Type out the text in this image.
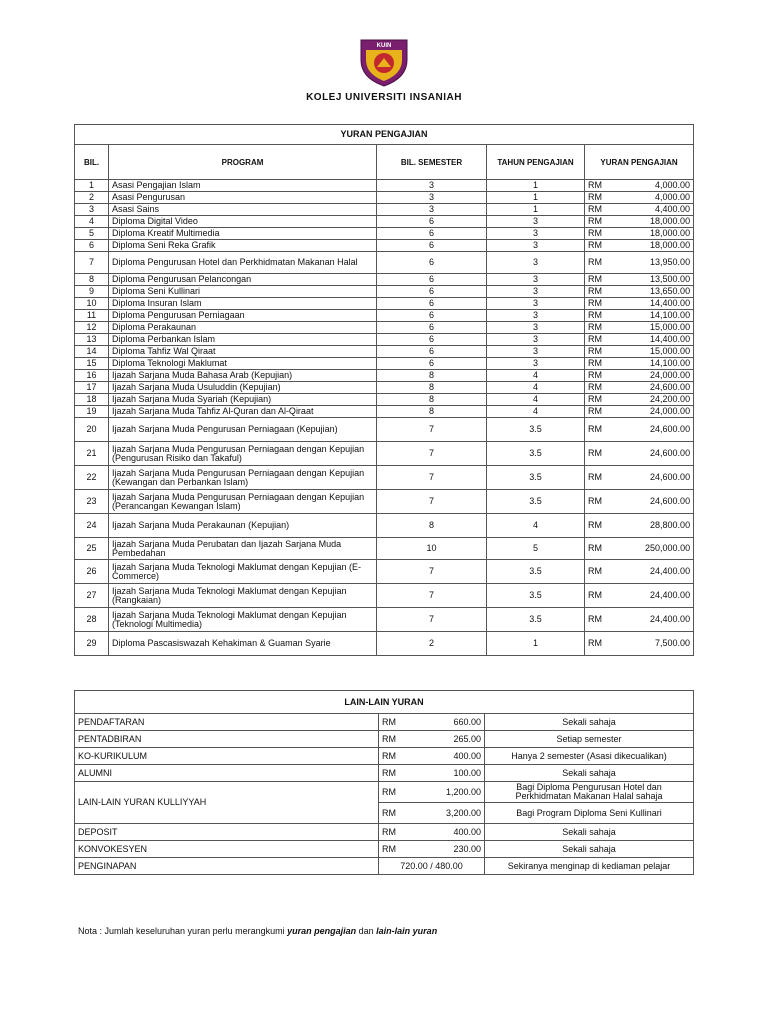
KUIN
KOLEJ UNIVERSITI INSANIAH
YURAN PENGAJIAN					
BIL.	PROGRAM	BIL. SEMESTER	TAHUN PENGAJIAN	YURAN PENGAJIAN	
1	Asasi Pengajian Islam	3	1	RM	4,000.00
2	Asasi Pengurusan	3	1	RM	4,000.00
3	Asasi Sains	3	1	RM	4,400.00
4	Diploma Digital Video	6	3	RM	18,000.00
5	Diploma Kreatif Multimedia	6	3	RM	18,000.00
6	Diploma Seni Reka Grafik	6	3	RM	18,000.00
7	Diploma Pengurusan Hotel dan Perkhidmatan Makanan Halal	6	3	RM	13,950.00
8	Diploma Pengurusan Pelancongan	6	3	RM	13,500.00
9	Diploma Seni Kullinari	6	3	RM	13,650.00
10	Diploma Insuran Islam	6	3	RM	14,400.00
11	Diploma Pengurusan Perniagaan	6	3	RM	14,100.00
12	Diploma Perakaunan	6	3	RM	15,000.00
13	Diploma Perbankan Islam	6	3	RM	14,400.00
14	Diploma Tahfiz Wal Qiraat	6	3	RM	15,000.00
15	Diploma Teknologi Maklumat	6	3	RM	14,100.00
16	Ijazah Sarjana Muda Bahasa Arab (Kepujian)	8	4	RM	24,000.00
17	Ijazah Sarjana Muda Usuluddin (Kepujian)	8	4	RM	24,600.00
18	Ijazah Sarjana Muda Syariah (Kepujian)	8	4	RM	24,200.00
19	Ijazah Sarjana Muda Tahfiz Al-Quran dan Al-Qiraat	8	4	RM	24,000.00
20	Ijazah Sarjana Muda Pengurusan Perniagaan (Kepujian)	7	3.5	RM	24,600.00
21	Ijazah Sarjana Muda Pengurusan Perniagaan dengan Kepujian (Pengurusan Risiko dan Takaful)	7	3.5	RM	24,600.00
22	Ijazah Sarjana Muda Pengurusan Perniagaan dengan Kepujian (Kewangan dan Perbankan Islam)	7	3.5	RM	24,600.00
23	Ijazah Sarjana Muda Pengurusan Perniagaan dengan Kepujian (Perancangan Kewangan Islam)	7	3.5	RM	24,600.00
24	Ijazah Sarjana Muda Perakaunan (Kepujian)	8	4	RM	28,800.00
25	Ijazah Sarjana Muda Perubatan dan Ijazah Sarjana Muda Pembedahan	10	5	RM	250,000.00
26	Ijazah Sarjana Muda Teknologi Maklumat dengan Kepujian (E-Commerce)	7	3.5	RM	24,400.00
27	Ijazah Sarjana Muda Teknologi Maklumat dengan Kepujian (Rangkaian)	7	3.5	RM	24,400.00
28	Ijazah Sarjana Muda Teknologi Maklumat dengan Kepujian (Teknologi Multimedia)	7	3.5	RM	24,400.00
29	Diploma Pascasiswazah Kehakiman & Guaman Syarie	2	1	RM	7,500.00
LAIN-LAIN YURAN			
PENDAFTARAN	RM	660.00	Sekali sahaja
PENTADBIRAN	RM	265.00	Setiap semester
KO-KURIKULUM	RM	400.00	Hanya 2 semester (Asasi dikecualikan)
ALUMNI	RM	100.00	Sekali sahaja
LAIN-LAIN YURAN KULLIYYAH	RM	1,200.00	Bagi Diploma Pengurusan Hotel dan Perkhidmatan Makanan Halal sahaja
	RM	3,200.00	Bagi Program Diploma Seni Kullinari
DEPOSIT	RM	400.00	Sekali sahaja
KONVOKESYEN	RM	230.00	Sekali sahaja
PENGINAPAN	720.00 / 480.00		Sekiranya menginap di kediaman pelajar
Nota : Jumlah keseluruhan yuran perlu merangkumi yuran pengajian dan lain-lain yuran
